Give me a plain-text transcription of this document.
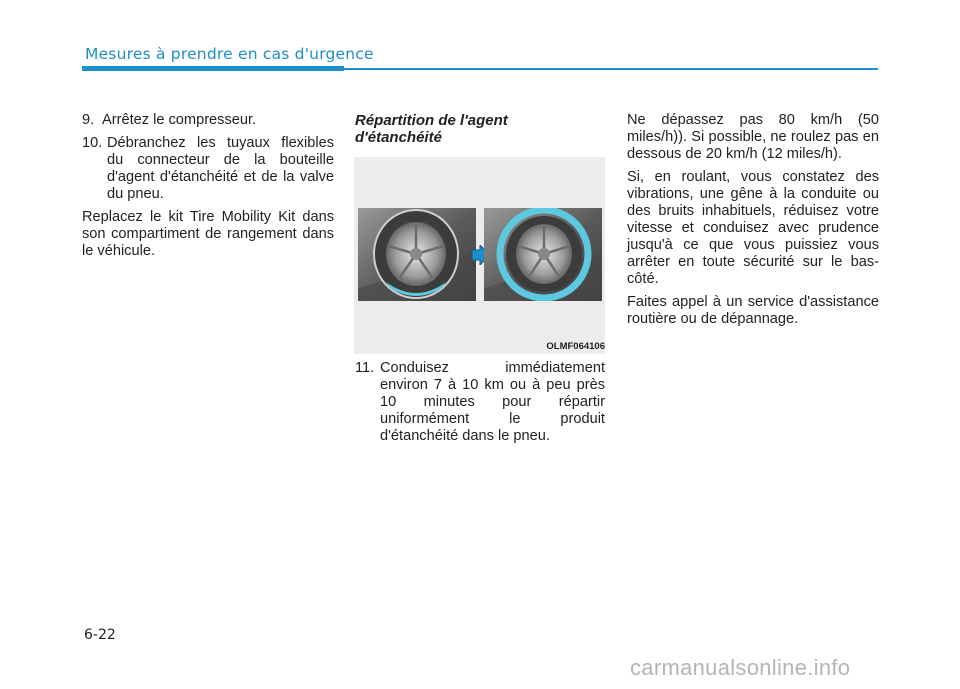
Mesures à prendre en cas d'urgence
9. Arrêtez le compresseur.
10. Débranchez les tuyaux flexibles

du connecteur de la bouteille d'agent d'étanchéité et de la valve du pneu.

Replacez le kit Tire Mobility Kit dans son compartiment de rangement dans le véhicule.

Répartition de l'agent
d'étanchéité
OLMF064106
11. Conduisez immédiatement

environ 7 à 10 km ou à peu près 10 minutes pour répartir uniformément le produit d'étanchéité dans le pneu.

Ne dépassez pas 80 km/h (50 miles/h)). Si possible, ne roulez pas en dessous de 20 km/h (12 miles/h).

Si, en roulant, vous constatez des vibrations, une gêne à la conduite ou des bruits inhabituels, réduisez votre vitesse et conduisez avec prudence jusqu'à ce que vous puissiez vous arrêter en toute sécurité sur le bas-côté.

Faites appel à un service d'assistance routière ou de dépannage.

6-22
carmanualsonline.info
